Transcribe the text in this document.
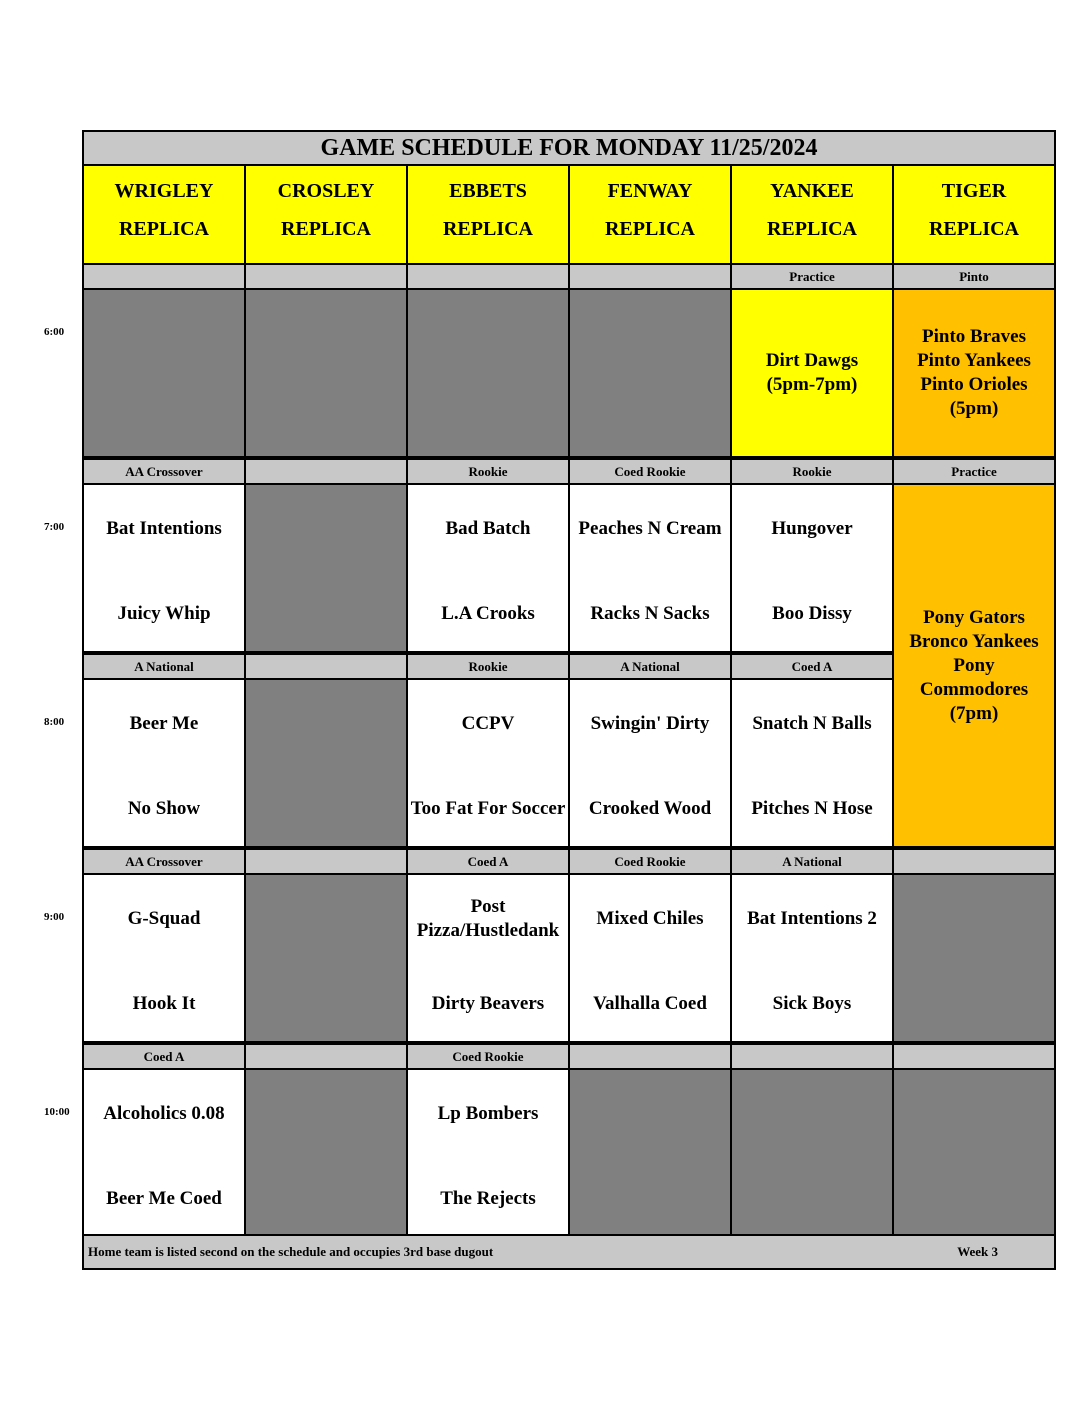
6:00
7:00
8:00
9:00
10:00
GAME SCHEDULE FOR MONDAY 11/25/2024
WRIGLEY
REPLICA
CROSLEY
REPLICA
EBBETS
REPLICA
FENWAY
REPLICA
YANKEE
REPLICA
TIGER
REPLICA
Practice	Pinto
AA Crossover
Bat Intentions
Juicy Whip
Rookie
Bad Batch
L.A Crooks
Coed Rookie
Peaches N Cream
Racks N Sacks
Rookie
Hungover
Boo Dissy
Practice
A National
Beer Me
No Show
Rookie
CCPV
Too Fat For Soccer
A National
Swingin' Dirty
Crooked Wood
Coed A
Snatch N Balls
Pitches N Hose
AA Crossover
G-Squad
Hook It
Coed A
Post Pizza/Hustledank
Dirty Beavers
Coed Rookie
Mixed Chiles
Valhalla Coed
A National
Bat Intentions 2
Sick Boys
Coed A
Alcoholics 0.08
Beer Me Coed
Coed Rookie
Lp Bombers
The Rejects
Dirt Dawgs
(5pm-7pm)
Pinto Braves
Pinto Yankees
Pinto Orioles
(5pm)
Pony Gators
Bronco Yankees
Pony
Commodores
(7pm)
Home team is listed second on the schedule and occupies 3rd base dugout	Week 3
